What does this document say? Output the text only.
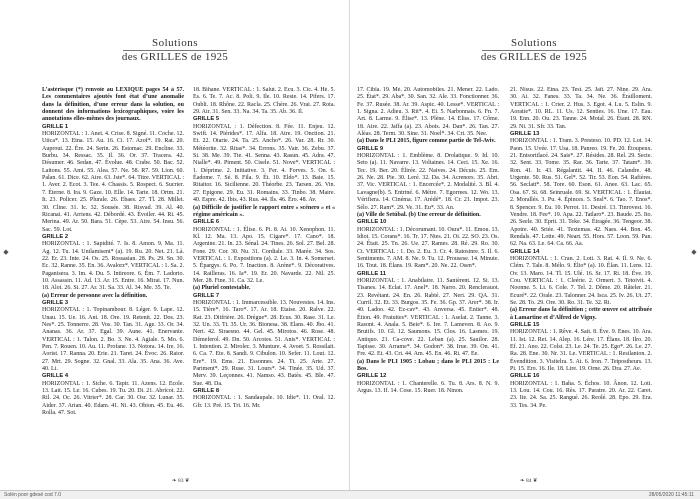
◆	◆
Solutions
des GRILLES de 1925
Solutions
des GRILLES de 1925

L’astérisque (*) renvoie au LEXIQUE pages 54 à 57. Les commentaires ajoutés font état d’une anomalie dans la définition, d’une erreur dans la solution, ou donnent des informations lexicographiques, voire les annotations elles-mêmes des journaux.

GRILLE 1

HORIZONTAL : 1. Anet. 4. Crise. 8. Signé. 11. Coche. 12. Utica*. 13. Etna. 15. Au. 16. Ci. 17. Azof*. 19. Rat. 20. Auprout. 22. Ére. 24. Serin. 26. Estomac. 29. Encline. 33. Burbu. 34. Ressac. 35. Il. 36. Or. 37. Tracera. 42. Désumer. 46. Sedan. 47. Évolue. 48. Crabe. 50. Bac. 52. Laitons. 55. Ami. 55. Alea. 57. Ne. 58. R7. 59. Lion. 60. Palan. 61. Dice. 62. Aire. 63. Jste*. 64. Titre. VERTICAL : 1. Aver. 2. Ecot. 3. Tee. 4. Chassis. 5. Rospect. 6. Sucrier. 7. Éterne. 8. Ira. 9. Gaze. 10. Elle. 14. Tarte. 18. Ortm. 21. It. 23. Policer. 25. Plurale. 26. Ebaes. 27. Tl. 28. Millet. 30. Cline. 31. Ic. 32. Sousée. 38. Risvad. 39. Al. 40. Ricanai. 41. Arriens. 42. Débordé. 43. Évoiler. 44. Ri. 45. Merina. 49. Ar. 50. Bara. 51. Cèpe. 53. Aire. 54. Insu. 56. Sac. 59. Lot.

GRILLE 2

HORIZONTAL : 1. Sapidité. 7. Is. 8. Amon. 9. Ma. 11. Ag. 12. Tu. 14. Unilamisent* (a). 19. Ru. 20. Net. 21. Là. 22. Er. 23. Inte. 24. Os. 25. Rossasian. 28. Ps. 29. Sn. 30. Ec. 32. Ranne. 35. En. 36. Avalorz*. VERTICAL : 1. Sa. 2. Paganisera. 3. Im. 4. Du. 5. Intireore. 6. Ém. 7. Ladorio. 10. Assassin. 11. Ad. 13. Ar. 15. Entre. 16. Mirai. 17. Nun. 18. Alot. 26. Si. 27. Ar. 31. Sa. 33. Al. 34. Me. 35. Te.

(a) Erreur de personne avec la définition.

GRILLE 3

HORIZONTAL : 1. Topinambour. 8. Léger. 9. Lape. 12. Unau. 15. Ue. 16. Ant. 18. Ore. 19. Retenit. 22. Dos. 23. Nes*. 25. Tonnerre. 28. Vos. 30. Tan. 31. Age. 33. Or. 34. Ananas. 36. Ar. 37. Egal. 39. Aune. 41. Enervante. VERTICAL : 1. Talon. 2. Bo. 3. Ne. 4. Agiale. 5. Mo. 6. Pen. 7. Rouen. 10. Au. 11. Profane. 13. Notora. 14. Ire. 16. Aorist. 17. Ranna. 20. Erie. 21. Taret. 24. Évoc. 26. Raior. 27. Mrt. 29. Sogne. 32. Gnal. 33. Ala. 35. Ana. 36. Ave. 40. Li.

GRILLE 4

HORIZONTAL : 1. Siche. 6. Tapir. 11. Azens. 12. Ecole. 13. Lait. 15. Le. 16. Cubes. 19. Tu. 20. Di. 21. Abricot. 22. Ril. 24. Oc. 26. Vitrier*. 28. Car. 30. Osr. 32. Lunar. 35. Aider. 37. Arian. 40. Edam. 41. Ni. 43. Obion. 45. Eu. 46. Rolla. 47. Sot.

18. Bihane. VERTICAL : 1. Salut. 2. Écu. 3. Cic. 4. Hé. 5. Es. 6. Te. 7. Ac. 8. Poli. 9. Ile. 10. Reste. 14. Pifers. 17. Oubli. 18. Rhône. 22. Racla. 25. Chère. 26. Vrai. 27. Rota. 29. Air. 31. Sen. 33. Na. 34. Ta. 35. Ab. 36. Il.

GRILLE 5

HORIZONTAL : 1. Défection. 8. Fée. 11. Enjeu. 12. Swift. 14. Piérides*. 17. Alfa. 18. Atre. 19. Onction. 21. Et. 22. Otarie. 24. Ta. 25. Ancho*. 26. Var. 28. Rr. 30. Météorite. 32. Ritas*. 34. Errons. 35. Vair. 36. Zebu. 37. Si. 38. Me. 39. Tte. 41. Senna. 43. Rasun. 45. Adra. 47. Nialle*. 49. Piment. 50. Cisele. 51. Nove*. VERTICAL : 1. Déprime. 2. Initiative. 3. Fer. 4. Forves. 5. On. 6. Éadome. 7. Sé. 8. Fila. 9. Ét. 10. Eldo*. 13. Baie. 15. Ritaitor. 16. Sicilienne. 20. Théorbe. 23. Tarsen. 26. Vin. 27. Epigone. 29. Eu. 31. Romains. 33. Tinbo. 38. Maire. 40. Espre. 42. Ibis. 43. Rus. 44. Ils. 46. Éro. 48. Av.

(a) Difficile de justifier le rapport entre « scénero » et « régime américain ».

GRILLE 6

HORIZONTAL : 1. Élise. 6. Pi. 8. Ai. 10. Xenophon. 11. Kl. 12. Ma. 13. Apo. 15. Cigare*. 17. Cano*. 18. Argenine. 21. In. 23. Sénal. 24. Tines. 26. Sol. 27. Bel. 28. Fone. 29. Cor. 30. Nu. 31. Cordiale. 33. Marée. 34. Sos. VERTICAL : 1. Expositions (a). 2. Le. 3. In. 4. Somerset. 5. Épargys. 6. Po. 7. Inaction. 8. Aréne*. 9. Décoratives. 14. Railleras. 16. Ia*. 19. Er. 20. Navarde. 22. Nil. 25. Mer. 28. Fine. 31. Ca. 32. Le.

(a) Pluriel contestable.

GRILLE 7

HORIZONTAL : 1. Immarcessible. 13. Nouvestes. 14. Ins. 15. Tière*. 16. Taro*. 17. Ar. 18. Etaise. 20. Ralve. 22. Rat. 23. Ditfrière. 26. Drégue*. 28. Ecus. 30. Rase. 31. Le. 32. Un. 33. Tt. 35. Ur. 36. Bionesa. 38. Elans. 40. Jbo. 41. Nert. 42. Siraesno. 44. Gel. 45. Mirotos. 46. Rose. 48. Démeferol. 49. Dn. 50. Arcotes. 51. Anis*. VERTICAL : 1. Intention. 2. Mirolec. 3. Munture. 4. Avoet. 5. Rossilait. 6. Ca. 7. Ete. 8. Sandi. 9. Cibulon. 10. Sefer. 11. Lout. 12. Ere*. 19. Ems. 21. Essonnes. 24. Tt. 25. Arte. 27. Pariment*. 29. Ruse. 31. Lours*. 34. Tinée. 35. Ud. 37. Merv. 39. Leçonnes. 41. Namso. 43. Batès. 45. Ble. 47. Sue. 48. Da.

GRILLE 8

HORIZONTAL : 1. Sandaupale. 10. Idie*. 11. Oral. 12. Gfr. 13. Pré. 15. Tri. 16. Mr.

17. Cibla. 19. Mé. 20. Automobiles. 21. Mener. 22. Lado. 25. État*. 29. Aba*. 30. San. 32. Ale. 33. Fonctionner. 36. Fe. 37. Rusée. 38. Ar. 39. Aspic. 40. Lesse*. VERTICAL : 1. Signa. 2. Adieu. 3. Rit*. 4. Ei. 5. Narbonnais. 6. Fn. 7. Art. 8. Larme. 9. Élise*. 13. Plène. 14. Eliss. 17. Côme. 18. Aire. 22. Jaffa (a). 23. Abois. 24. Dan*. 26. Tan. 27. Aléas. 28. Term. 30. Sine. 31. Noel*. 34. Cri. 35. Nee.

(a) Dans le PLI 2015, figure comme partie de Tel-Aviv.

GRILLE 9

HORIZONTAL : 1. Emblème. 8. Drolatique. 9. Id. 10. Seto (a). 11. Navarre. 13. Voltaines. 14. Cect. 15. Xe. 16. Tec. 19. Ber. 20. Élirée. 22. Naives. 24. Décuis. 25. Em. 26. Ne. 28. Pie. 30. Leré. 32. Da. 34. Acrenors. 35. Abri. 37. Vic. VERTICAL : 1. Encercée*. 2. Modalité. 3. Bl. 4. Lavagne(b). 5. Entriné. 6. Métre. 7. Egorrees. 12. Wo. 13. Vérifiera. 14. Cinéma. 17. Arédé*. 18. Cr. 21. Impot. 23. Sélo. 27. Ram*. 29. Ve. 31. Eu*. 33. An.

(a) Ville de Setúbal. (b) Une erreur de définition.

GRILLE 10

HORIZONTAL : 1. Décorumant. 10. Oura*. 11. Emou. 13. Idiot. 15. Corans*. 16. Tr. 17. Ntes. 21. Oi. 22. SO. 23. Os. 24. Était. 25. Tn. 26. Ue. 27. Rames. 28. Ré. 29. Ro. 30. Ct. VERTICAL : 1. Do. 2. Eu. 3. Cr. 4. Ratosinre. 5. Il. 6. Sentiments. 7. AM. 8. Ne. 9. Tu. 12. Prousese. 14. Minute. 16. Tout. 18. Élans. 19. Ram*. 20. Ne. 22. Osen*.

GRILLE 11

HORIZONTAL : 1. Anabilaire. 11. Sanièrent. 12. Si. 13. Tisanes. 14. Eclat. 17. Anel*. 18. Narro. 20. Renclerauot. 23. Revètant. 24. En. 26. Rabté. 27. Neri. 29. QA. 31. Curril. 32. Et. 33. Burgos. 35. Fe. 36. Gp. 37. Arer*. 38. Ir. 40. Ladoo. 42. Ez-cav*. 43. Anversa. 45. Entier*. 48. Étion. 49. Fratuites*. VERTICAL : 1. Aselat. 2. Tanne. 3. Rasont. 4. Anala. 5. Beie*. 6. Ire. 7. Lameven. 8. Ao. 9. Brutifs. 10. Gl. 12. Saumons. 15. Clos. 16. Lasmes. 19. Antiquo. 21. Ca-cove. 22. Leban (a). 25. Sauilor. 28. Tapisse. 30. Arrame*. 34. Godon*. 38. Irue. 39. On. 41. Fre. 42. Et. 43. Cri. 44. Am. 45. En. 46. Ri. 47. Ee.

(a) Dans le PLI 1905 : Lobau ; dans le PLI 2015 : Le Bos.

GRILLE 12

HORIZONTAL : 1. Chanterelle. 6. Tu. 8. Ars. 8. N. 9. Argus. 13. If. 14. Cose. 15. Ruer. 18. Ninon.

21. Nisus. 22. Étna. 23. Test. 25. Jaït. 27. Nine. 29. Ara. 30. Ai. 32. Fanes. 33. Ta. 34. Ne. 36. Érailloment. VERTICAL : 1. Crier. 2. Hus. 3. Egot. 4. Lu. 5. Eslin. 9. Aoratie*. 10. RL. 11. Us. 12. Senties. 16. Une. 17. Eau. 19. Enn. 20. Ou. 23. Tanne. 24. Motal. 26. Étant. 28. RN. 29. Ni. 31. Sfr. 33. Tan.

GRILLE 13

HORIZONTAL : 1. Tram. 3. Presteso. 10. PD. 12. Lot. 14. Paon. 15. Uvée. 17. Usa. 18. Panreo. 19. Fe. 20. Étoupeux. 21. Entsortilacé. 24. Sais*. 27. Résides. 28. Rel. 29. Secte. 32. Sent. 33. Tome. 35. Rar. 36. Tarte. 37. Tatam*. 39. Ron. 41. Ir. 43. Régalantit. 44. II. 46. Calandre. 48. Urgente. 50. Rus. 51. Gel*. 52. Tir. 53. Eon. 54. Rafières. 56. Seclatt*. 58. Tore. 60. Eson. 61. Anee. 63. Lac. 65. Osa. 67. Si. 68. Seinruale. 69. Si. VERTICAL : 1. Élauiat. 2. Morallés. 3. Pu. 4. Épinces. 5. Snsl*. 6. Tao. 7. Enos*. 8. Spencer. 9. Eu. 10. Perrot. 11. Desiré. 13. Tinrovest. 16. Vendre. 18. Fee*. 19. Apa. 22. Tatlaro*. 23. Baude. 25. Ito. 26. Seele. 30. Eprit. 31. Teke. 34. Étragée. 36. Tengeor. 38. Apotre. 40. Sriée. 41. Textemas. 42. Naes. 44. Bon. 45. Rendals. 47. Lotte. 49. Neart. 55. Hors. 57. Loon. 59. Pan. 62. Na. 63. Le. 64. Ca. 66. Aa.

GRILLE 14

HORIZONTAL : 1. Cran. 2. Loti. 3. Rat. 4. Il. 9. Ne. 6. Clém. 7. Tale. 8. Mélo. 9. Élio* (a). 10. Élan. 11. Lens. 12. Ov. 13. Maro. 14. Tl. 15. Ulé. 16. Sr. 17. Ri. 18. Éve. 19. Cou. VERTICAL : 1. Cleérie. 2. Ormert. 3. Tetoivit. 4. Noonne. 5. Li. 6. Cole. 7. Tel. 2. Dôme. 20. Râteler. 21. Ecuré*. 22. Orale. 23. Talonner. 24. Isca. 25. Iv. 26. Ut. 27. Se. 28. To. 29. Ore. 30. Ro. 31. Te. 32. Ri.

(a) Erreur dans la définition ; cette œuvre est attribuée à Lamartine et d’Alfred de Vigny.

GRILLE 15

HORIZONTAL : 1. Rêve. 4. Sait. 8. Éve. 9. Enes. 10. Ara. 11. Ist. 12. Ret. 14. Alep. 16. Lére. 17. Élans. 18. Ilro. 20. Ef. 21. Ano. 22. Colst. 23. Le. 24. Te. 25. Ego*. 26. Le. 27. Ra. 28. Ene. 30. Nr. 31. Le. VERTICAL : 1. Resilanion. 2. Évendition. 3. Visitelra. 5. At. 6. Iron. 7. Tetpostheurs. 13. Pi. 15. Ero. 16. Ile. 18. Lire. 19. Orne. 26. Dra. 27. Ae.

GRILLE 16

HORIZONTAL : 1. Baha. 5. Échos. 10. Ânon. 12. Loti. 13. Lou. 14. Cou. 16. Rès. 17. Paratre. 20. Ar. 22. Caret. 23. Ite. 24. Sa. 25. Rangué. 26. Reolé. 28. Epo. 29. Era. 33. Tes. 34. Pe.

❧ 83 ❦	❧ 84 ❦
Solén poor gdesé cod 7.0	28/05/2020 11:45:11
